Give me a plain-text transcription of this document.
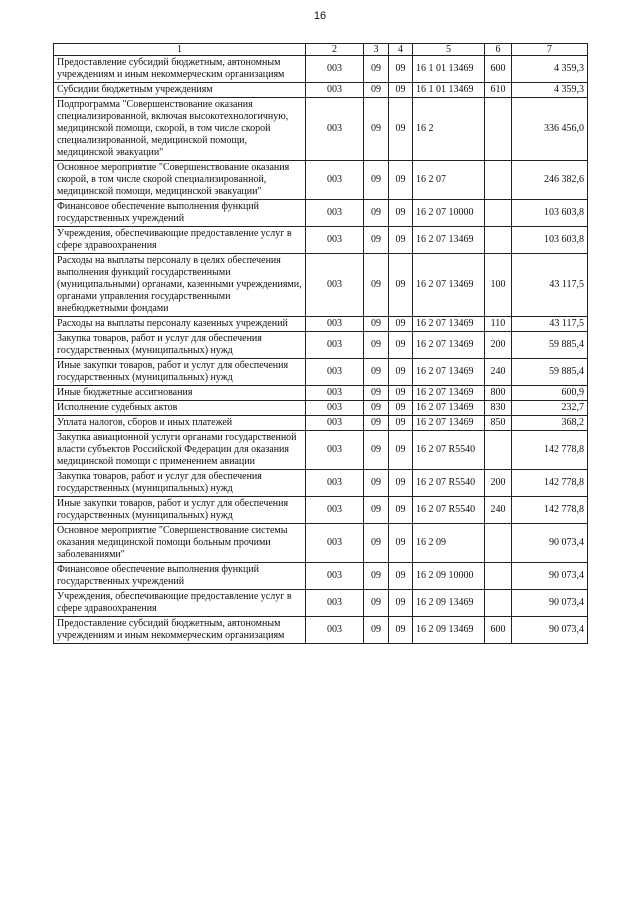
16
1	2	3	4	5	6	7
Предоставление субсидий бюджетным, автономным учреждениям и иным некоммерческим организациям	003	09	09	16 1 01 13469	600	4 359,3
Субсидии бюджетным учреждениям	003	09	09	16 1 01 13469	610	4 359,3
Подпрограмма "Совершенствование оказания специализированной, включая высокотехнологичную, медицинской помощи, скорой, в том числе скорой специализированной, медицинской помощи, медицинской эвакуации"	003	09	09	16 2		336 456,0
Основное мероприятие "Совершенствование оказания скорой, в том числе скорой специализированной, медицинской помощи, медицинской эвакуации"	003	09	09	16 2 07		246 382,6
Финансовое обеспечение выполнения функций государственных учреждений	003	09	09	16 2 07 10000		103 603,8
Учреждения, обеспечивающие предоставление услуг в сфере здравоохранения	003	09	09	16 2 07 13469		103 603,8
Расходы на выплаты персоналу в целях обеспечения выполнения функций государственными (муниципальными) органами, казенными учреждениями, органами управления государственными внебюджетными фондами	003	09	09	16 2 07 13469	100	43 117,5
Расходы на выплаты персоналу казенных учреждений	003	09	09	16 2 07 13469	110	43 117,5
Закупка товаров, работ и услуг для обеспечения государственных (муниципальных) нужд	003	09	09	16 2 07 13469	200	59 885,4
Иные закупки товаров, работ и услуг для обеспечения государственных (муниципальных) нужд	003	09	09	16 2 07 13469	240	59 885,4
Иные бюджетные ассигнования	003	09	09	16 2 07 13469	800	600,9
Исполнение судебных актов	003	09	09	16 2 07 13469	830	232,7
Уплата налогов, сборов и иных платежей	003	09	09	16 2 07 13469	850	368,2
Закупка авиационной услуги органами государственной власти субъектов Российской Федерации для оказания медицинской помощи с применением авиации	003	09	09	16 2 07 R5540		142 778,8
Закупка товаров, работ и услуг для обеспечения государственных (муниципальных) нужд	003	09	09	16 2 07 R5540	200	142 778,8
Иные закупки товаров, работ и услуг для обеспечения государственных (муниципальных) нужд	003	09	09	16 2 07 R5540	240	142 778,8
Основное мероприятие "Совершенствование системы оказания медицинской помощи больным прочими заболеваниями"	003	09	09	16 2 09		90 073,4
Финансовое обеспечение выполнения функций государственных учреждений	003	09	09	16 2 09 10000		90 073,4
Учреждения, обеспечивающие предоставление услуг в сфере здравоохранения	003	09	09	16 2 09 13469		90 073,4
Предоставление субсидий бюджетным, автономным учреждениям и иным некоммерческим организациям	003	09	09	16 2 09 13469	600	90 073,4
